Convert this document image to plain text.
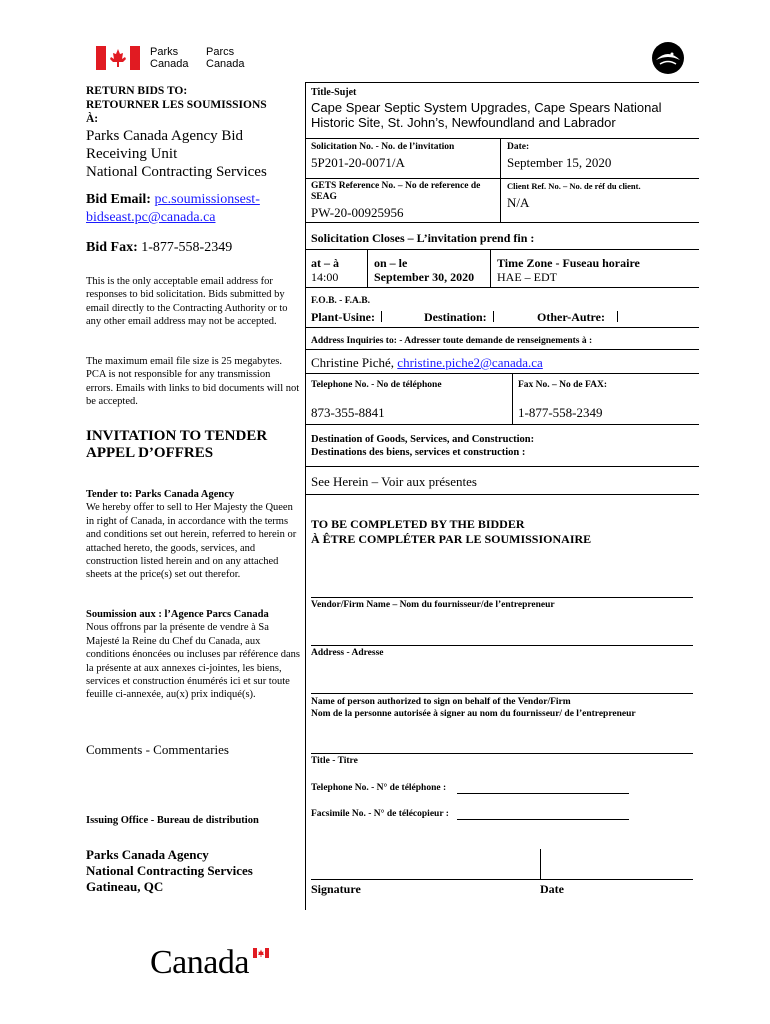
Parks
Canada
Parcs
Canada
RETURN BIDS TO:
RETOURNER LES SOUMISSIONS
À:
Parks Canada Agency Bid
Receiving Unit
National Contracting Services
Bid Email: pc.soumissionsest-
bidseast.pc@canada.ca
Bid Fax: 1-877-558-2349
This is the only acceptable email address for responses to bid solicitation. Bids submitted by email directly to the Contracting Authority or to any other email address may not be accepted.
The maximum email file size is 25 megabytes. PCA is not responsible for any transmission errors. Emails with links to bid documents will not be accepted.
INVITATION TO TENDER
APPEL D’OFFRES
Tender to: Parks Canada Agency
We hereby offer to sell to Her Majesty the Queen in right of Canada, in accordance with the terms and conditions set out herein, referred to herein or attached hereto, the goods, services, and construction listed herein and on any attached sheets at the price(s) set out therefor.
Soumission aux : l’Agence Parcs Canada
Nous offrons par la présente de vendre à Sa Majesté la Reine du Chef du Canada, aux conditions énoncées ou incluses par référence dans la présente at aux annexes ci-jointes, les biens, services et construction énumérés ici et sur toute feuille ci-annexée, au(x) prix indiqué(s).
Comments - Commentaries
Issuing Office - Bureau de distribution
Parks Canada Agency
National Contracting Services
Gatineau, QC
Title-Sujet
Cape Spear Septic System Upgrades, Cape Spears National Historic Site, St. John’s, Newfoundland and Labrador
Solicitation No. - No. de l’invitation
5P201-20-0071/A
Date:
September 15, 2020
GETS Reference No. – No de reference de SEAG
PW-20-00925956
Client Ref. No. – No. de réf du client.
N/A
Solicitation Closes – L’invitation prend fin :
at – à
14:00
on – le
September 30, 2020
Time Zone - Fuseau horaire
HAE – EDT
F.O.B. - F.A.B.
Plant-Usine:	Destination:	Other-Autre:
Address Inquiries to: - Adresser toute demande de renseignements à :
Christine Piché, christine.piche2@canada.ca
Telephone No. - No de téléphone
873-355-8841
Fax No. – No de FAX:
1-877-558-2349
Destination of Goods, Services, and Construction:
Destinations des biens, services et construction :
See Herein – Voir aux présentes
TO BE COMPLETED BY THE BIDDER
À ÊTRE COMPLÉTER PAR LE SOUMISSIONAIRE
Vendor/Firm Name – Nom du fournisseur/de l’entrepreneur
Address - Adresse
Name of person authorized to sign on behalf of the Vendor/Firm
Nom de la personne autorisée à signer au nom du fournisseur/ de l’entrepreneur
Title - Titre
Telephone No. - N° de téléphone :
Facsimile No. - N° de télécopieur :
Signature	Date
Canada
